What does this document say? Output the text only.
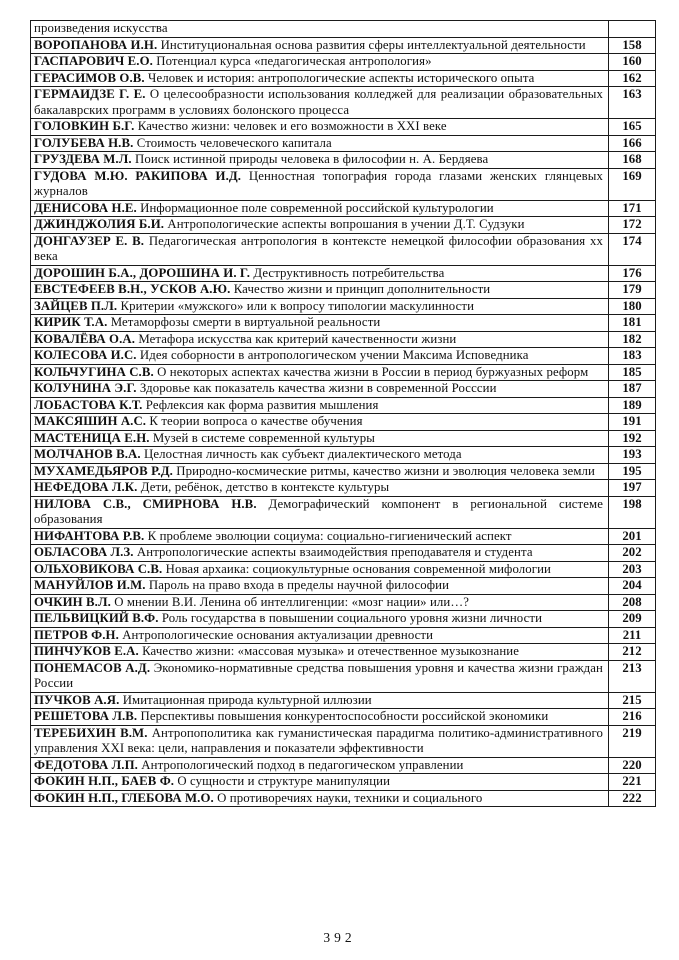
произведения искусства	
ВОРОПАНОВА И.Н. Институциональная основа развития сферы интеллектуальной деятельности	158
ГАСПАРОВИЧ Е.О. Потенциал курса «педагогическая антропология»	160
ГЕРАСИМОВ О.В. Человек и история: антропологические аспекты исторического опыта	162
ГЕРМАИДЗЕ Г. Е. О целесообразности использования колледжей для реализации образовательных бакалаврских программ в условиях болонского процесса	163
ГОЛОВКИН Б.Г. Качество жизни: человек и его возможности в XXI веке	165
ГОЛУБЕВА Н.В. Стоимость человеческого капитала	166
ГРУЗДЕВА М.Л. Поиск истинной природы человека в философии н. А. Бердяева	168
ГУДОВА М.Ю. РАКИПОВА И.Д. Ценностная топография города глазами женских глянцевых журналов	169
ДЕНИСОВА Н.Е. Информационное поле современной российской культурологии	171
ДЖИНДЖОЛИЯ Б.И. Антропологические аспекты вопрошания в учении Д.Т. Судзуки	172
ДОНГАУЗЕР Е. В. Педагогическая антропология в контексте немецкой философии образования хх века	174
ДОРОШИН Б.А., ДОРОШИНА И. Г. Деструктивность потребительства	176
ЕВСТЕФЕЕВ В.Н., УСКОВ А.Ю. Качество жизни и принцип дополнительности	179
ЗАЙЦЕВ П.Л. Критерии «мужского» или к вопросу типологии маскулинности	180
КИРИК Т.А. Метаморфозы смерти в виртуальной реальности	181
КОВАЛЁВА О.А. Метафора искусства как критерий качественности жизни	182
КОЛЕСОВА И.С. Идея соборности в антропологическом учении Максима Исповедника	183
КОЛЬЧУГИНА С.В. О некоторых аспектах качества жизни в России в период буржуазных реформ	185
КОЛУНИНА Э.Г. Здоровье как показатель качества жизни в современной Росссии	187
ЛОБАСТОВА К.Т. Рефлексия как форма развития мышления	189
МАКСЯШИН А.С. К теории вопроса о качестве обучения	191
МАСТЕНИЦА Е.Н. Музей в системе современной культуры	192
МОЛЧАНОВ В.А. Целостная личность как субъект диалектического метода	193
МУХАМЕДЬЯРОВ Р.Д. Природно-космические ритмы, качество жизни и эволюция человека земли	195
НЕФЕДОВА Л.К. Дети, ребёнок, детство в контексте культуры	197
НИЛОВА С.В., СМИРНОВА Н.В. Демографический компонент в региональной системе образования	198
НИФАНТОВА Р.В. К проблеме эволюции социума: социально-гигиенический аспект	201
ОБЛАСОВА Л.З. Антропологические аспекты взаимодействия преподавателя и студента	202
ОЛЬХОВИКОВА С.В. Новая архаика: социокультурные основания современной мифологии	203
МАНУЙЛОВ И.М. Пароль на право входа в пределы научной философии	204
ОЧКИН В.Л. О мнении В.И. Ленина об интеллигенции: «мозг нации» или…?	208
ПЕЛЬВИЦКИЙ В.Ф. Роль государства в повышении социального уровня жизни личности	209
ПЕТРОВ Ф.Н. Антропологические основания актуализации древности	211
ПИНЧУКОВ Е.А. Качество жизни: «массовая музыка» и отечественное музыкознание	212
ПОНЕМАСОВ А.Д. Экономико-нормативные средства повышения уровня и качества жизни граждан России	213
ПУЧКОВ А.Я. Имитационная природа культурной иллюзии	215
РЕШЕТОВА Л.В. Перспективы повышения конкурентоспособности российской экономики	216
ТЕРЕБИХИН В.М. Антропополитика как гуманистическая парадигма политико-административного управления XXI века: цели, направления и показатели эффективности	219
ФЕДОТОВА Л.П. Антропологический подход в педагогическом управлении	220
ФОКИН Н.П., БАЕВ Ф. О сущности и структуре манипуляции	221
ФОКИН Н.П., ГЛЕБОВА М.О. О противоречиях науки, техники и социального	222
392
